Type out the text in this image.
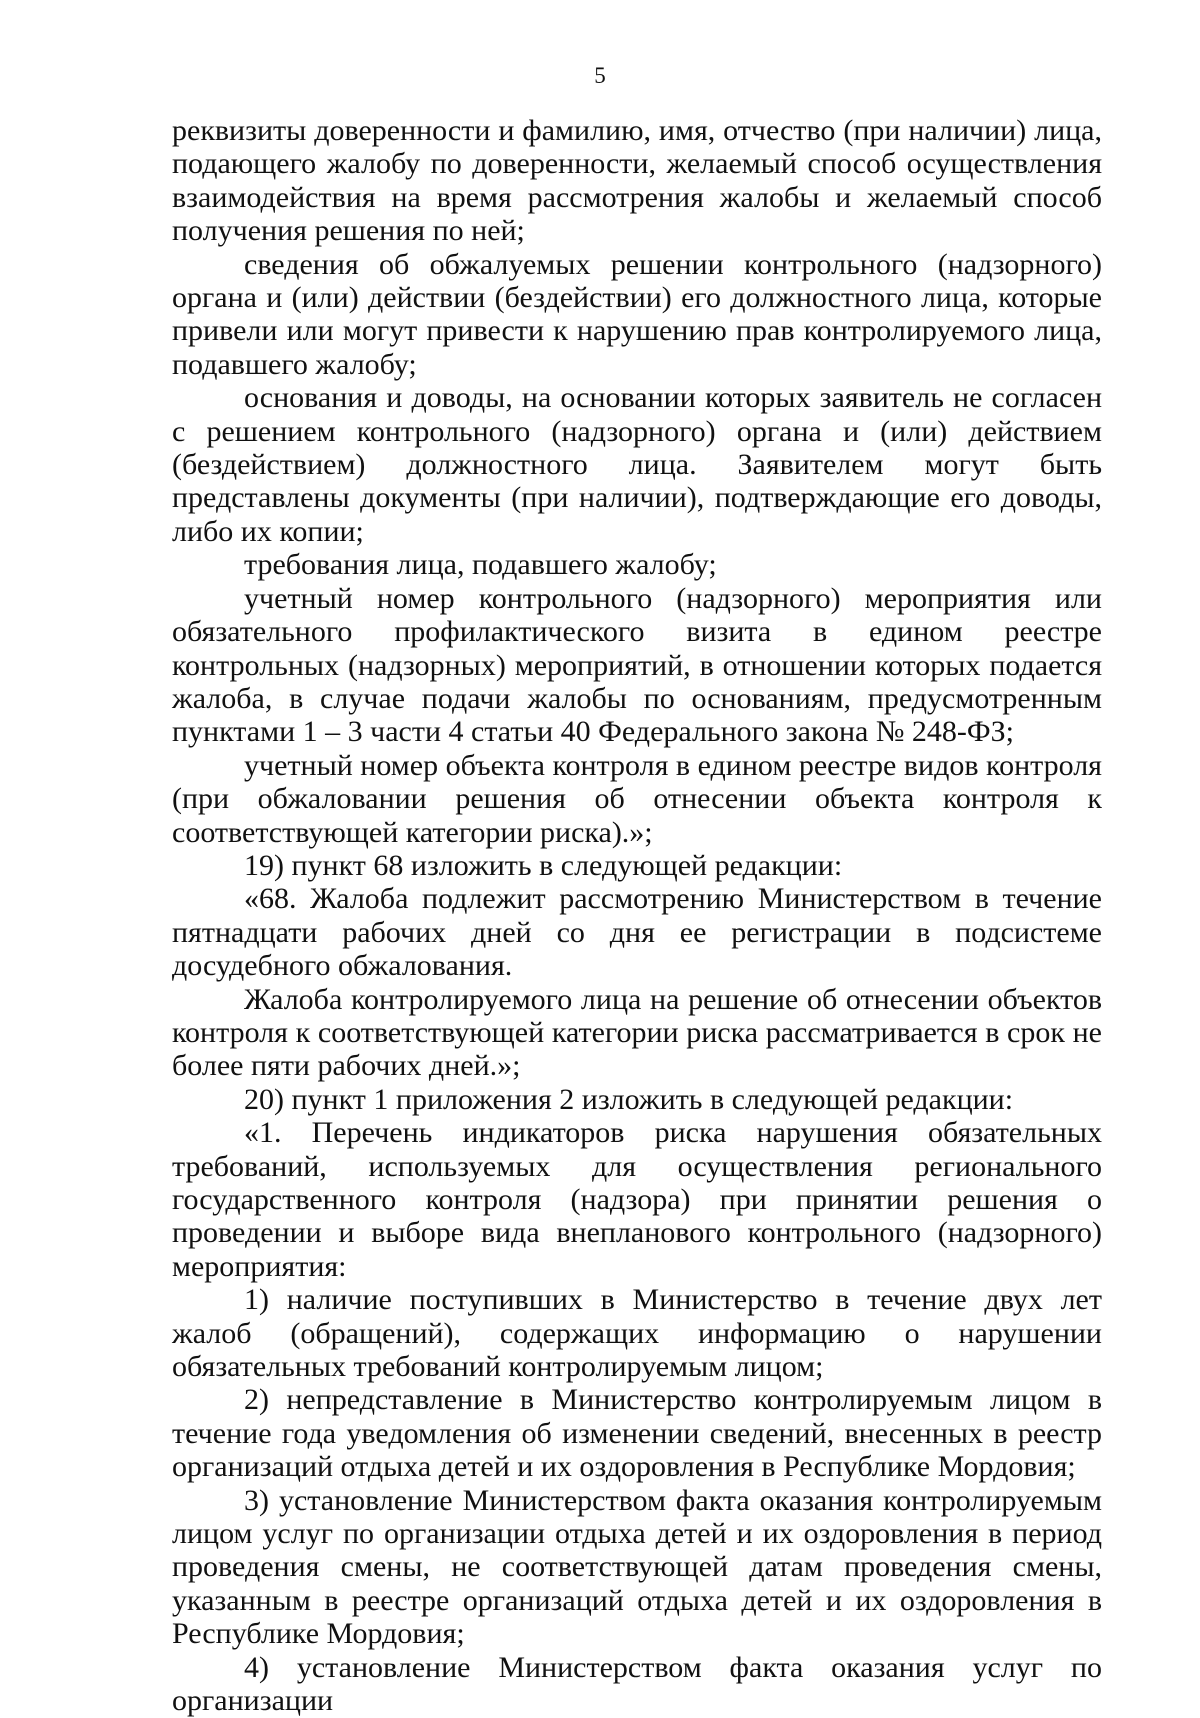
5

реквизиты доверенности и фамилию, имя, отчество (при наличии) лица, подающего жалобу по доверенности, желаемый способ осуществления взаимодействия на время рассмотрения жалобы и желаемый способ получения решения по ней;

сведения об обжалуемых решении контрольного (надзорного) органа и (или) действии (бездействии) его должностного лица, которые привели или могут привести к нарушению прав контролируемого лица, подавшего жалобу;

основания и доводы, на основании которых заявитель не согласен с решением контрольного (надзорного) органа и (или) действием (бездействием) должностного лица. Заявителем могут быть представлены документы (при наличии), подтверждающие его доводы, либо их копии;

требования лица, подавшего жалобу;

учетный номер контрольного (надзорного) мероприятия или обязательного профилактического визита в едином реестре контрольных (надзорных) мероприятий, в отношении которых подается жалоба, в случае подачи жалобы по основаниям, предусмотренным пунктами 1 – 3 части 4 статьи 40 Федерального закона № 248-ФЗ;

учетный номер объекта контроля в едином реестре видов контроля (при обжаловании решения об отнесении объекта контроля к соответствующей категории риска).»;

19) пункт 68 изложить в следующей редакции:

«68. Жалоба подлежит рассмотрению Министерством в течение пятнадцати рабочих дней со дня ее регистрации в подсистеме досудебного обжалования.

Жалоба контролируемого лица на решение об отнесении объектов контроля к соответствующей категории риска рассматривается в срок не более пяти рабочих дней.»;

20) пункт 1 приложения 2 изложить в следующей редакции:

«1. Перечень индикаторов риска нарушения обязательных требований, используемых для осуществления регионального государственного контроля (надзора) при принятии решения о проведении и выборе вида внепланового контрольного (надзорного) мероприятия:

1) наличие поступивших в Министерство в течение двух лет жалоб (обращений), содержащих информацию о нарушении обязательных требований контролируемым лицом;

2) непредставление в Министерство контролируемым лицом в течение года уведомления об изменении сведений, внесенных в реестр организаций отдыха детей и их оздоровления в Республике Мордовия;

3) установление Министерством факта оказания контролируемым лицом услуг по организации отдыха детей и их оздоровления в период проведения смены, не соответствующей датам проведения смены, указанным в реестре организаций отдыха детей и их оздоровления в Республике Мордовия;

4) установление Министерством факта оказания услуг по организации
